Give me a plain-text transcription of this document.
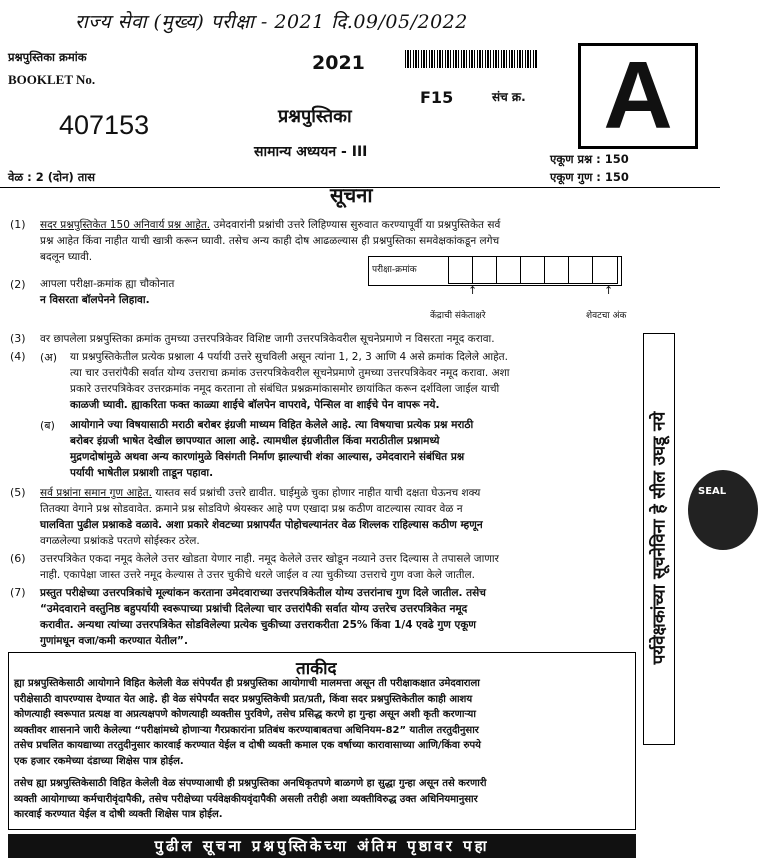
राज्य सेवा (मुख्य) परीक्षा - 2021 दि.09/05/2022
प्रश्नपुस्तिका क्रमांक
BOOKLET No.
2021
F15	संच क्र. A
407153	प्रश्नपुस्तिका
सामान्य अध्ययन - III	एकूण प्रश्न : 150
वेळ : 2 (दोन) तास	एकूण गुण : 150
सूचना
(1) सदर प्रश्नपुस्तिकेत 150 अनिवार्य प्रश्न आहेत. उमेदवारांनी प्रश्नांची उत्तरे लिहिण्यास सुरुवात करण्यापूर्वी या प्रश्नपुस्तिकेत सर्व
प्रश्न आहेत किंवा नाहीत याची खात्री करून घ्यावी. तसेच अन्य काही दोष आढळल्यास ही प्रश्नपुस्तिका समवेक्षकांकडून लगेच
बदलून घ्यावी.
(2) आपला परीक्षा-क्रमांक ह्या चौकोनात
न विसरता बॉलपेनने लिहावा.
परीक्षा-क्रमांक
↑	↑
केंद्राची संकेताक्षरे	शेवटचा अंक
(3) वर छापलेला प्रश्नपुस्तिका क्रमांक तुमच्या उत्तरपत्रिकेवर विशिष्ट जागी उत्तरपत्रिकेवरील सूचनेप्रमाणे न विसरता नमूद करावा.
(4) (अ) या प्रश्नपुस्तिकेतील प्रत्येक प्रश्नाला 4 पर्यायी उत्तरे सुचविली असून त्यांना 1, 2, 3 आणि 4 असे क्रमांक दिलेले आहेत.
त्या चार उत्तरांपैकी सर्वात योग्य उत्तराचा क्रमांक उत्तरपत्रिकेवरील सूचनेप्रमाणे तुमच्या उत्तरपत्रिकेवर नमूद करावा. अशा
प्रकारे उत्तरपत्रिकेवर उत्तरक्रमांक नमूद करताना तो संबंधित प्रश्नक्रमांकासमोर छायांकित करून दर्शविला जाईल याची
काळजी घ्यावी. ह्याकरिता फक्त काळ्या शाईचे बॉलपेन वापरावे, पेन्सिल वा शाईचे पेन वापरू नये.
(ब) आयोगाने ज्या विषयासाठी मराठी बरोबर इंग्रजी माध्यम विहित केलेले आहे. त्या विषयाचा प्रत्येक प्रश्न मराठी
बरोबर इंग्रजी भाषेत देखील छापण्यात आला आहे. त्यामधील इंग्रजीतील किंवा मराठीतील प्रश्नामध्ये
मुद्रणदोषांमुळे अथवा अन्य कारणांमुळे विसंगती निर्माण झाल्याची शंका आल्यास, उमेदवाराने संबंधित प्रश्न
पर्यायी भाषेतील प्रश्नाशी ताडून पहावा.
(5) सर्व प्रश्नांना समान गुण आहेत. यास्तव सर्व प्रश्नांची उत्तरे द्यावीत. घाईमुळे चुका होणार नाहीत याची दक्षता घेऊनच शक्य
तितक्या वेगाने प्रश्न सोडवावेत. क्रमाने प्रश्न सोडविणे श्रेयस्कर आहे पण एखादा प्रश्न कठीण वाटल्यास त्यावर वेळ न
घालविता पुढील प्रश्नाकडे वळावे. अशा प्रकारे शेवटच्या प्रश्नापर्यंत पोहोचल्यानंतर वेळ शिल्लक राहिल्यास कठीण म्हणून
वगळलेल्या प्रश्नांकडे परतणे सोईस्कर ठरेल.
(6) उत्तरपत्रिकेत एकदा नमूद केलेले उत्तर खोडता येणार नाही. नमूद केलेले उत्तर खोडून नव्याने उत्तर दिल्यास ते तपासले जाणार
नाही. एकापेक्षा जास्त उत्तरे नमूद केल्यास ते उत्तर चुकीचे धरले जाईल व त्या चुकीच्या उत्तराचे गुण वजा केले जातील.
(7) प्रस्तुत परीक्षेच्या उत्तरपत्रिकांचे मूल्यांकन करताना उमेदवाराच्या उत्तरपत्रिकेतील योग्य उत्तरांनाच गुण दिले जातील. तसेच
“उमेदवाराने वस्तुनिष्ठ बहुपर्यायी स्वरूपाच्या प्रश्नांची दिलेल्या चार उत्तरांपैकी सर्वात योग्य उत्तरेच उत्तरपत्रिकेत नमूद
करावीत. अन्यथा त्यांच्या उत्तरपत्रिकेत सोडविलेल्या प्रत्येक चुकीच्या उत्तराकरीता 25% किंवा 1/4 एवढे गुण एकूण
गुणांमधून वजा/कमी करण्यात येतील”.	पर्यवेक्षकांच्या सूचनेविना हे सील उघडू नये	SEAL
ताकीद
ह्या प्रश्नपुस्तिकेसाठी आयोगाने विहित केलेली वेळ संपेपर्यंत ही प्रश्नपुस्तिका आयोगाची मालमत्ता असून ती परीक्षाकक्षात उमेदवाराला
परीक्षेसाठी वापरण्यास देण्यात येत आहे. ही वेळ संपेपर्यंत सदर प्रश्नपुस्तिकेची प्रत/प्रती, किंवा सदर प्रश्नपुस्तिकेतील काही आशय
कोणत्याही स्वरूपात प्रत्यक्ष वा अप्रत्यक्षपणे कोणत्याही व्यक्तीस पुरविणे, तसेच प्रसिद्ध करणे हा गुन्हा असून अशी कृती करणाऱ्या
व्यक्तीवर शासनाने जारी केलेल्या “परीक्षांमध्ये होणाऱ्या गैरप्रकारांना प्रतिबंध करण्याबाबतचा अधिनियम-82” यातील तरतुदीनुसार
तसेच प्रचलित कायद्याच्या तरतुदीनुसार कारवाई करण्यात येईल व दोषी व्यक्ती कमाल एक वर्षाच्या कारावासाच्या आणि/किंवा रुपये
एक हजार रकमेच्या दंडाच्या शिक्षेस पात्र होईल.
तसेच ह्या प्रश्नपुस्तिकेसाठी विहित केलेली वेळ संपण्याआधी ही प्रश्नपुस्तिका अनधिकृतपणे बाळगणे हा सुद्धा गुन्हा असून तसे करणारी
व्यक्ती आयोगाच्या कर्मचारीवृंदापैकी, तसेच परीक्षेच्या पर्यवेक्षकीयवृंदापैकी असली तरीही अशा व्यक्तीविरुद्ध उक्त अधिनियमानुसार
कारवाई करण्यात येईल व दोषी व्यक्ती शिक्षेस पात्र होईल.
पुढील सूचना प्रश्नपुस्तिकेच्या अंतिम पृष्ठावर पहा
